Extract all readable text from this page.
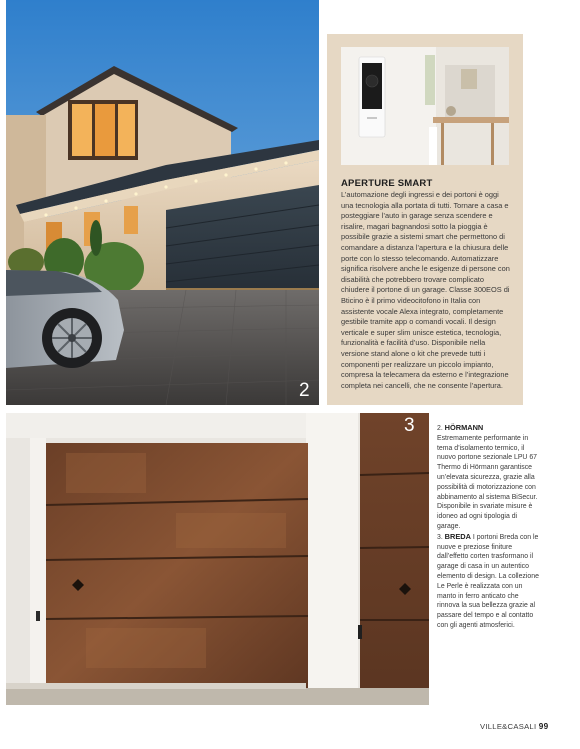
2
APERTURE SMART
L’automazione degli ingressi e dei portoni è oggi una tecnologia alla portata di tutti. Tornare a casa e posteggiare l’auto in garage senza scendere e risalire, magari bagnandosi sotto la pioggia è possibile grazie a sistemi smart che permettono di comandare a distanza l’apertura e la chiusura delle porte con lo stesso telecomando. Automatizzare significa risolvere anche le esigenze di persone con disabilità che potrebbero trovare complicato chiudere il portone di un garage. Classe 300EOS di Bticino è il primo videocitofono in Italia con assistente vocale Alexa integrato, completamente gestibile tramite app o comandi vocali. Il design verticale e super slim unisce estetica, tecnologia, funzionalità e facilità d’uso. Disponibile nella versione stand alone o kit che prevede tutti i componenti per realizzare un piccolo impianto, compresa la telecamera da esterno e l’integrazione completa nei cancelli, che ne consente l’apertura.
3	2. HÖRMANN
Estremamente performante in tema d’isolamento termico, il nuovo portone sezionale LPU 67 Thermo di Hörmann garantisce un’elevata sicurezza, grazie alla possibilità di motorizzazione con abbinamento al sistema BiSecur. Disponibile in svariate misure è idoneo ad ogni tipologia di garage.
3. BREDA I portoni Breda con le nuove e preziose finiture dall’effetto corten trasformano il garage di casa in un autentico elemento di design. La collezione Le Perle è realizzata con un manto in ferro anticato che rinnova la sua bellezza grazie al passare del tempo e al contatto con gli agenti atmosferici.
VILLE&CASALI 99
